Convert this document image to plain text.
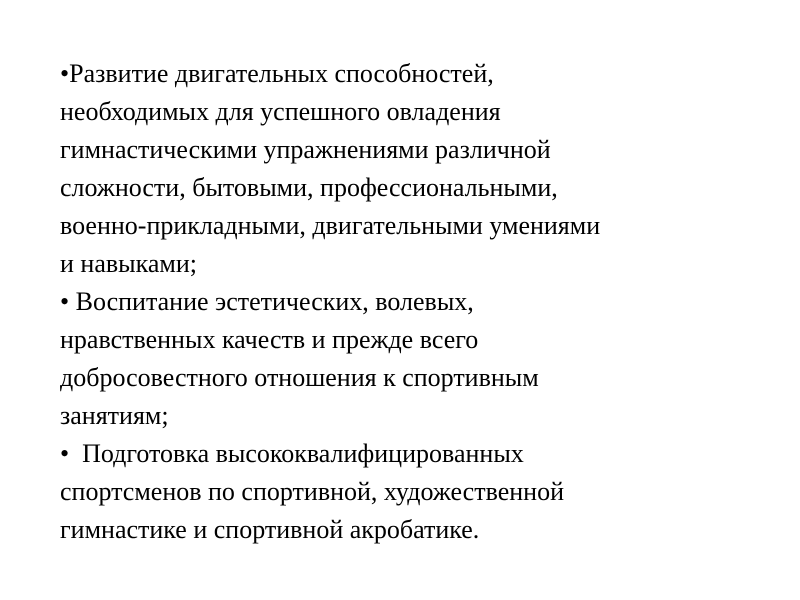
•Развитие двигательных способностей,
необходимых для успешного овладения
гимнастическими упражнениями различной
сложности, бытовыми, профессиональными,
военно-прикладными, двигательными умениями
и навыками;
• Воспитание эстетических, волевых,
нравственных качеств и прежде всего
добросовестного отношения к спортивным
занятиям;
•  Подготовка высококвалифицированных
спортсменов по спортивной, художественной
гимнастике и спортивной акробатике.
